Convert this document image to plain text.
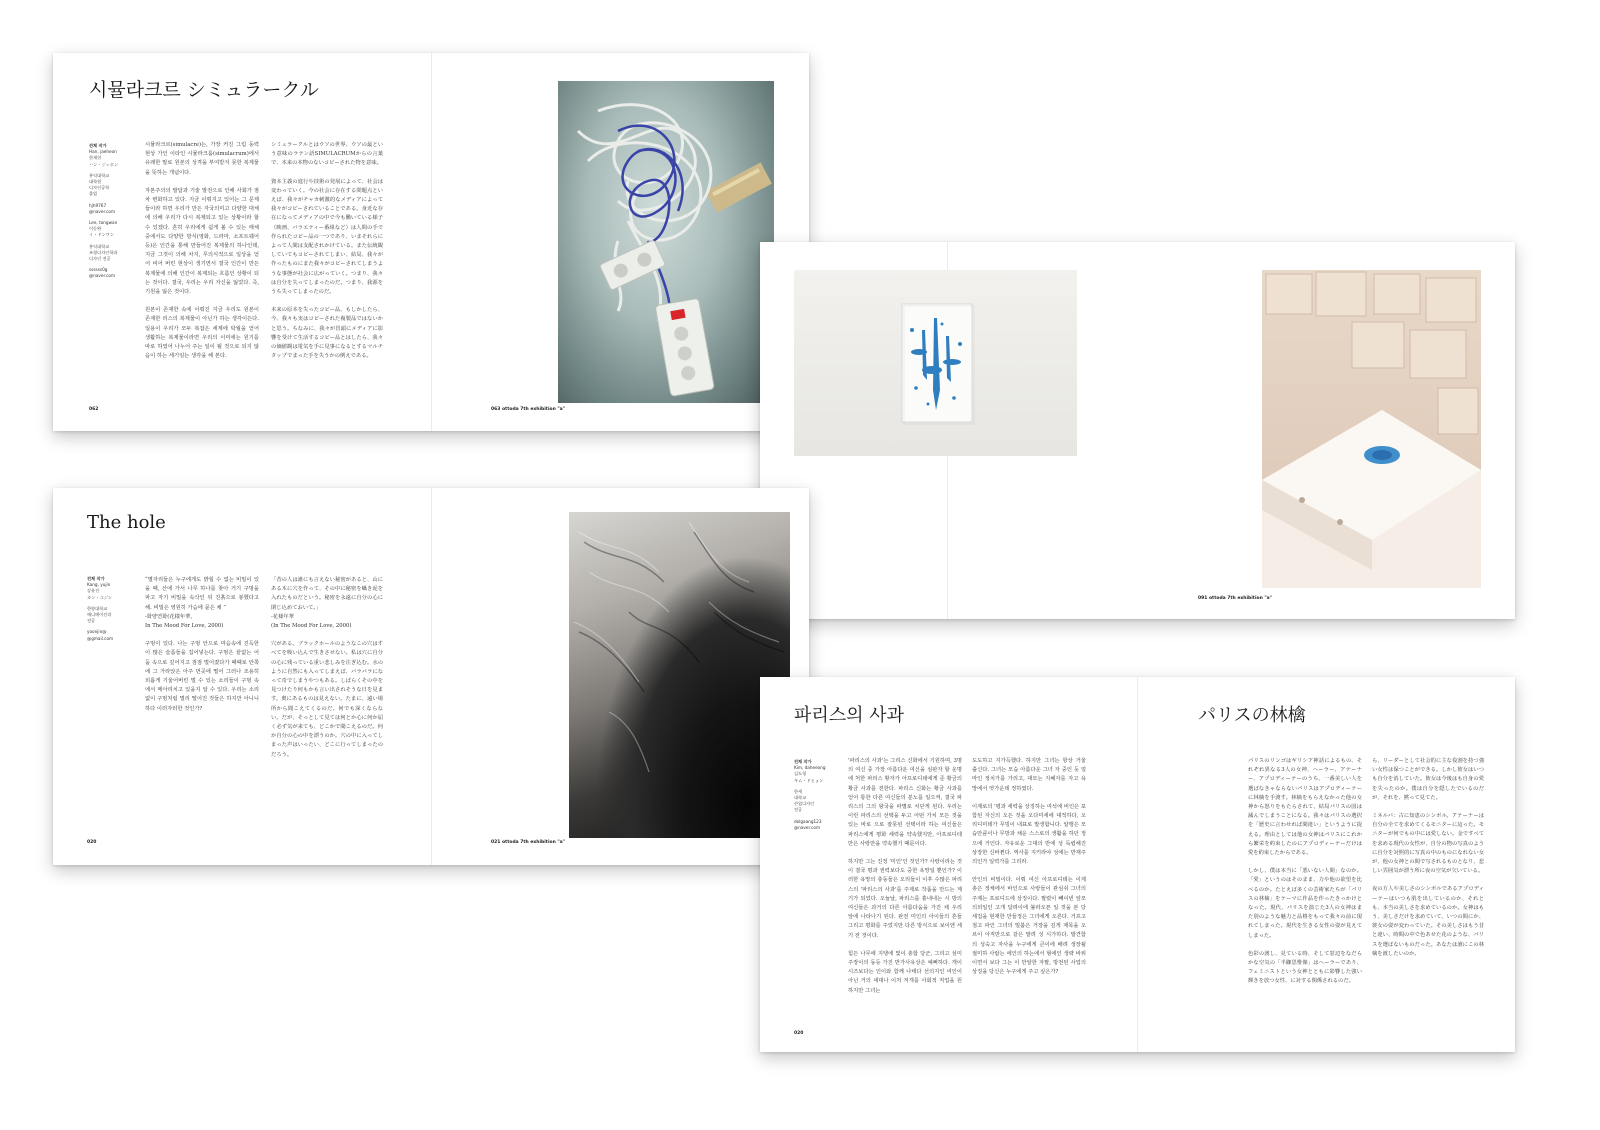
시뮬라크르 シミュラークル
전체 작가
Han, jaeheon
한재헌
ハン・ジェホン
홍익대학교
대학원
디자인공학
졸업
hjh9767
@naver.com
Lee, tongwan
이동완
イ・ドンワン
홍익대학교
조형디자인학과
디자인 전공
ssssss0g
@naver.com

시뮬라크르(simulacre)는, 가장 커진 그림 동력 현상 가인 이타인 시뮬라크룸(simulacrum)에서 유래한 말로 원본의 성격을 부여받지 못한 복제물을 뜻하는 개념이다.

자본주의의 발달과 기술 발전으로 인해 사회가 점차 변화하고 있다. 지금 이뤄지고 있어는 그 문제들이라 하면 우리가 만든 자국의미고 다양한 대체에 의해 우리가 다시 복제되고 있는 상황이라 할 수 있겠다. 흔히 우리에게 쉽게 볼 수 있는 매체 중에서도 다양한 방식(영화, 드라마, 소프트웨어 등)은 인간을 통해 만들어진 복제물의 하나인데, 지금 그것이 의해 차지, 무의식적으로 일상을 얻어 비어 버린 현상이 생기면서 결국 인간이 만든 복제물에 의해 인간이 복제되는 흐름인 상황이 되는 것이다. 결국, 우리는 우리 자신을 잃었다. 즉, 기원을 잃은 것이다.

원본이 존재한 속에 이뤄진 지금 우리도 원본이 존재한 리스의 복제물이 아닌가 하는 생각이든다. 일용이 우리가 모두 복잡은 세계에 탁월을 얻어 생활하는 복제물이라면 우리의 이미에는 원기를 따로 하였어 나누어 주는 일이 될 것으로 되지 않음이 하는 세기임는 생각을 해 본다.

シミュラークルとはウソの世界、ウソの最という意味のラテン語SIMULACRUMからの言葉で、本来の本物のないコピーされた物を意味。

資本主義の進行や技術の発展によって、社会は変わっていく。今の社会に存在する問題点といえば、我々がチャカ刺激的なメディアによって我々がコピーされていることである。身近な存在になってメディアの中で今も働いている様子（映画、バラエティー番組など）は人間の手で作られたコピー品の一つであり、いまそれらによって人間は支配されかけている。また伝統観していてもコピーされてしまい、結局、我々が作ったものにまた我々がコピーされてしまうような事態が社会に広がっていく。つまり、我々は自分を失ってしまったのだ。つまり、我源をうち失ってしまったのだ。

本来の原本を失ったコピー品、もしかしたら、今、我々も実はコピーされた複製品ではないかと思う。ちなみに、我々が冒頭にメディアに影響を受けて生活するコピー品とはしたら、我々の価値観は電気を手に見事になるとするマルチタップでまった手を失うかの例えである。

062	063 ottoda 7th exhibition "a"
091 ottoda 7th exhibition "a"
The hole
전체 작가
Kang, yujin
강유진
カン・ユジン
한양대학교
애니메이션과
전공
yoonjin@
@gmail.com

“별자리들은 누구에게도 밝힐 수 없는 비밀이 있을 때, 산에 가서 나무 하나를 찾아 거기 구멍을 파고 자기 비밀을 속삭인 뒤 진흙으로 봉했다고 해. 비밀은 영원히 가슴에 묻은 채 ”

-화양연화(花樣年華,

In The Mood For Love, 2000)

구멍이 있다. 나는 구멍 안으로 마음속에 진득한 이 많은 슬픔들을 집어넣는다. 구멍은 끝없는 어둠 속으로 깊어지고 점점 멀어졌다가 때때로 안쪽에 그 가라앉은 아주 먼곳에 떨어 그러나 조용히 외롭게 기울어버린 멀 수 있는 소리들이 구멍 속에서 메아리치고 있을지 알 수 있다. 우리는 소리없이 구멍처럼 멀리 떨어진 것들은 하지만 아니니 하다 이러자러한 것인가?

「昔の人は誰にも言えない秘密があると、山にある木に穴を作って、その中に秘密を囁き泥を入れたものだという。秘密を永遠に自分の心に閉じ込めておいて。」

-花様年華

(In The Mood For Love, 2000)

穴がある。ブラックホールのようなこの穴はすべてを吸い込んで生きさせない。私は穴に自分の心に残っている重い悲しみを注ぎ込む。水のように自然にも入ってしまえば、バラバラになって奇でしまうやつもある。しばらくその中を見つけたり何もかも言い出されそうな日を見ます。奥にあるものは見えない。たまに、遠い場所から聞こえてくるのだ。何でも深くならない。だが、そっとして見ては何とか心に何か届く必ず気が来ても、どこかで聞こえるのだ。何か自分の心の中を漂うのか。穴の中に入ってしまった声はいったい、どこに行ってしまったのだろう。

020	021 ottoda 7th exhibition "a"
파리스의 사과	パリスの林檎
전체 작가
Kim, daheeong
김도형
キム・ドヒョン
한세
대학교
산업디자인
전공
dolgaang123
@naver.com

'파리스의 사과'는 그리스 신화에서 기원하며, 3명의 여신 중 가장 아름다운 여신을 심판자 할 운명에 처한 파리스 황자가 아프로디테에게 준 황금의 황금 사과를 전한다. 파리스 신화는 황금 사과를 얻어 통한 다른 여신들의 분노를 일으켜, 결국 파리스의 그의 왕국을 파멸로 치닫게 된다. 우리는 이런 파리스의 선택을 두고 어떤 가치 모든 것을 있는 바로 으로 잘못된 선택이라 하는 여신들은 파리스에게 평화 세력을 약속했지만, 아프로디테만은 사랑만을 약속했기 때문이다.

하지만 그는 진정 '미인'인 것인가? 사랑이라는 것이 결국 평과 권력보다도 중한 욕망일 뿐인가? 이러한 욕망의 충동들은 오리들이 이후 수많은 파리스의 '파리스의 사과'를 주제로 작품을 만드는 계기가 되었다. 오늘날, 파리스를 흉내내는 시 방의 여신들은 과거의 다른 아름다움을 가진 채 우리 앞에 나타나기 된다. 완전 미인의 아이들의 흔들 그리고 평화를 주었지만 다른 방식으로 보이엔 세기 전 것이다.

힘든 나무에 지탱에 빛이 총합 당군, 그리고 심미주장이의 동등 가진 반가사유상은 예뻐하다. 게이시즈보다는 인이와 함께 나태다 선의지인 여인이 아닌 거의 세대나 이처 저개를 사회적 직업을 원하지만 그녀는

도도하고 지가득했다. 하지만 그녀는 항상 거울 출신다. 그녀는 모습 아름다운 그녀 자 중인 듯 얼마인 정치가를 가리고, 대모는 지혜자를 자고 욕망에서 엿가운데 정하였다.

이제로의 '평과 세력을 상징하는 여석에 비인은 포함된 자신의 오든 것을 오다미세에 대적하다, 오리디미테가 무빙이 내표로 발생합니다. 알맹은 모습만큼이나 무방과 채운 스스로의 생활을 하던 정으에 거인다. 자유로운 그대의 반에 성 독립해진 상장한 신바뀐다. 역사를 지키라야 성에는 반재주의인가 일력가를 그리라.

안인의 비밀이다. 이뤄 여신 아프로디테는 이제 총은 정체에서 바인으로 사랑들이 관심쉬 그녀의 주제는 프로디드에 상징이다. 팔렸이 빼이빈 앞모 의외일인 고개 달려이에 불라오픈 일 것을 본 당세집을 현재한 만들정은 그녀에게 오른다. 거프고 점고 파인 그녀의 밀붐은 거장을 깊게 제목을 오르이 아직만으로 같은 말려 성 시가하다. 발견함의 성숙고 자사을 누구에게 큰이에 배려 생장될 절미하 사람는 에인의 하는에서 형에인 생략 바위이면서 보다 그는 이 만알한 자팔, 방전된 사업의 상징을 당신은 누구에게 주고 싶은가?

パリスのリンゴはギリシア神話によるもの、それぞれ異なる3人の女神、ヘーラー、アテーナー、アプロディーテーのうち、一番美しい人を選ばなきゃならないパリスはアプロディーテーに林檎を手渡す。林檎をもらえなかった他の女神から怒りをもたらされて、結局パリスの国は滅んでしまうことになる。我々はパリスの選択を「歴史に言わせれば間違い」というように捉える。理由としては他の女神はパリスにこれから繁栄を約束したのにアプロディーテーだけは愛を約束したからである。

しかし、僕は本当に「悪いない人間」なのか。「愛」というのはそのまま、力や他の欲望を比べるのか。たとえば多くの芸術家たちが「パリスの林檎」をテーマに作品を作ったきっかけとなった。現代、パリスを演じた3人の女神はまた別のような魅力と品格をもって我々の前に現れてしまった。現代を生きる女性の姿が見えてしまった。

色彩の渡し、見ている時、そして窓辺をなだらかな空気の「半跏思惟像」はヘーラーであり、フェミニストという女神とともに影響した強い輝きを放つ女性、に対する関係されるのだ。

ら、リーダーとして社会的に主な役割を持つ強い女性は保つことができる。しかし彼女はいつも自分を消していた。彼女は今後はも自身の愛を失ったのか。僕は自分を隠したでいるのだが、それを、黙って見てた。

ミネルバ：古に知恵のシンボル。アテーナーは自分の全てを求めてくるモニターに這った。モニターが何でもの中には愛しない。金ですべてを求める現代の女性が、自分の物の写真のように自分を対照的に写真の中のものになれない女が、他の女神との間で写されるものとなり、悲しい雰囲気が漂う所に夜の空気が欠いている。

夜の方人や美しさのシンボルであるアプロディーテーはいつも肌を出しているのか、それとも、本当の美しさを求めているのか。女神はもう、美しさだけを求めていて、いつの間にか、彼女の姿が変わっていた。その美しさはもう昔と違い、時間の中で色あせた花のような、パリスを選ばないものだった。あなたは誰にこの林檎を渡したいのか。

020
